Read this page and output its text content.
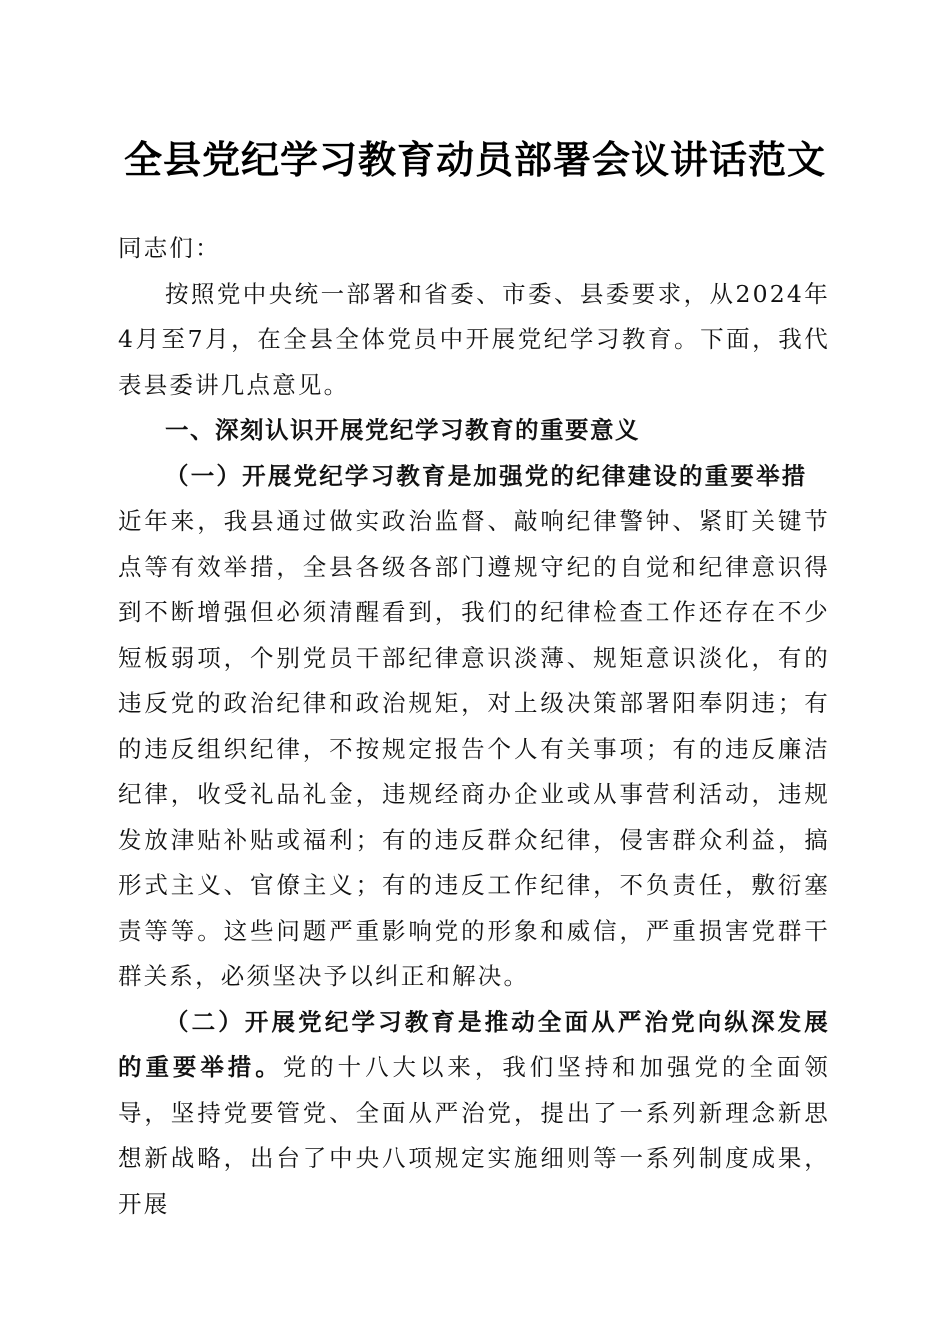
全县党纪学习教育动员部署会议讲话范文

同志们：

按照党中央统一部署和省委、市委、县委要求，从2024年4月至7月，在全县全体党员中开展党纪学习教育。下面，我代表县委讲几点意见。

一、深刻认识开展党纪学习教育的重要意义

（一）开展党纪学习教育是加强党的纪律建设的重要举措

近年来，我县通过做实政治监督、敲响纪律警钟、紧盯关键节点等有效举措，全县各级各部门遵规守纪的自觉和纪律意识得到不断增强但必须清醒看到，我们的纪律检查工作还存在不少短板弱项，个别党员干部纪律意识淡薄、规矩意识淡化，有的违反党的政治纪律和政治规矩，对上级决策部署阳奉阴违；有的违反组织纪律，不按规定报告个人有关事项；有的违反廉洁纪律，收受礼品礼金，违规经商办企业或从事营利活动，违规发放津贴补贴或福利；有的违反群众纪律，侵害群众利益，搞形式主义、官僚主义；有的违反工作纪律，不负责任，敷衍塞责等等。这些问题严重影响党的形象和威信，严重损害党群干群关系，必须坚决予以纠正和解决。

（二）开展党纪学习教育是推动全面从严治党向纵深发展的重要举措。党的十八大以来，我们坚持和加强党的全面领导，坚持党要管党、全面从严治党，提出了一系列新理念新思想新战略，出台了中央八项规定实施细则等一系列制度成果，开展
